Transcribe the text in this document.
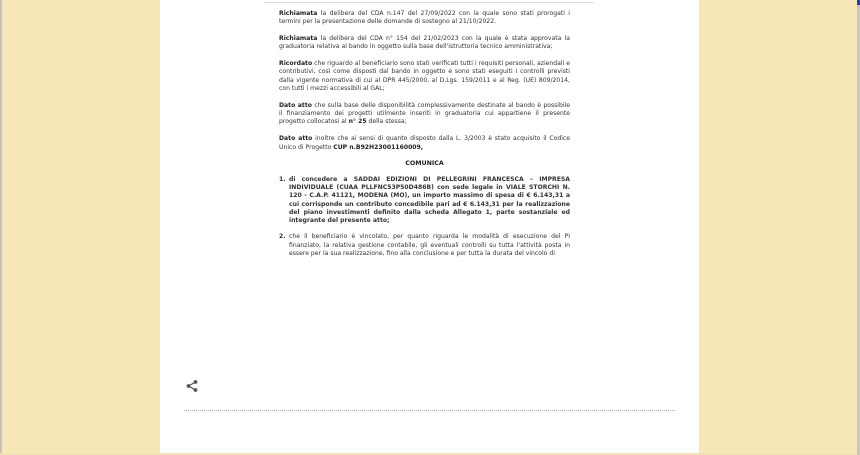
Richiamata la delibera del CDA n.147 del 27/09/2022 con la quale sono stati prorogati i termini per la presentazione delle domande di sostegno al 21/10/2022.

Richiamata la delibera del CDA n° 154 del 21/02/2023 con la quale è stata approvata la graduatoria relativa al bando in oggetto sulla base dell'istruttoria tecnico amministrativa;

Ricordato che riguardo al beneficiario sono stati verificati tutti i requisiti personali, aziendali e contributivi, così come disposti dal bando in oggetto e sono stati eseguiti i controlli previsti dalla vigente normativa di cui al DPR 445/2000, al D.Lgs. 159/2011 e al Reg. (UE) 809/2014, con tutti i mezzi accessibili al GAL;

Dato atto che sulla base delle disponibilità complessivamente destinate al bando è possibile il finanziamento dei progetti utilmente inseriti in graduatoria cui appartiene il presente progetto collocatosi al n° 25 della stessa;

Dato atto inoltre che ai sensi di quanto disposto dalla L. 3/2003 è stato acquisito il Codice Unico di Progetto CUP n.B92H23001160009,

COMUNICA
1. di concedere a SADDAI EDIZIONI DI PELLEGRINI FRANCESCA – IMPRESA INDIVIDUALE (CUAA PLLFNC53P50D486B) con sede legale in VIALE STORCHI N. 120 - C.A.P. 41121, MODENA (MO), un importo massimo di spesa di € 6.143,31 a cui corrisponde un contributo concedibile pari ad € 6.143,31 per la realizzazione del piano investimenti definito dalla scheda Allegato 1, parte sostanziale ed integrante del presente atto;
2. che il beneficiario è vincolato, per quanto riguarda le modalità di esecuzione del PI finanziato, la relativa gestione contabile, gli eventuali controlli su tutta l'attività posta in essere per la sua realizzazione, fino alla conclusione e per tutta la durata del vincolo di
